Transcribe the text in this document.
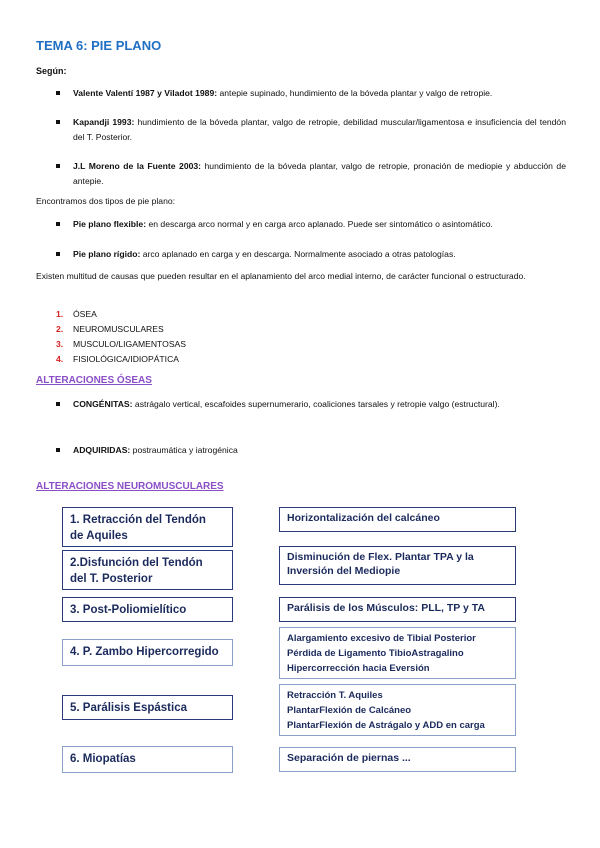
TEMA 6: PIE PLANO
Según:
Valente Valentí 1987 y Viladot 1989: antepie supinado, hundimiento de la bóveda plantar y valgo de retropie.
Kapandji 1993: hundimiento de la bóveda plantar, valgo de retropie, debilidad muscular/ligamentosa e insuficiencia del tendón del T. Posterior.
J.L Moreno de la Fuente 2003: hundimiento de la bóveda plantar, valgo de retropie, pronación de mediopie y abducción de antepie.
Encontramos dos tipos de pie plano:
Pie plano flexible: en descarga arco normal y en carga arco aplanado. Puede ser sintomático o asintomático.
Pie plano rígido: arco aplanado en carga y en descarga. Normalmente asociado a otras patologías.
Existen multitud de causas que pueden resultar en el aplanamiento del arco medial interno, de carácter funcional o estructurado.
1. ÓSEA
2. NEUROMUSCULARES
3. MUSCULO/LIGAMENTOSAS
4. FISIOLÓGICA/IDIOPÁTICA
ALTERACIONES ÓSEAS
CONGÉNITAS: astrágalo vertical, escafoides supernumerario, coaliciones tarsales y retropie valgo (estructural).
ADQUIRIDAS: postraumática y iatrogénica
ALTERACIONES NEUROMUSCULARES
1. Retracción del Tendón
de Aquiles
Horizontalización del calcáneo
2.Disfunción del Tendón
del T. Posterior
Disminución de Flex. Plantar TPA y la
Inversión del Mediopie
3. Post-Poliomielítico	Parálisis de los Músculos: PLL, TP y TA
4. P. Zambo Hipercorregido
Alargamiento excesivo de Tibial Posterior
Pérdida de Ligamento TibioAstragalino
Hipercorrección hacia Eversión
5. Parálisis Espástica
Retracción T. Aquiles
PlantarFlexión de Calcáneo
PlantarFlexión de Astrágalo y ADD en carga
6. Miopatías	Separación de piernas ...
